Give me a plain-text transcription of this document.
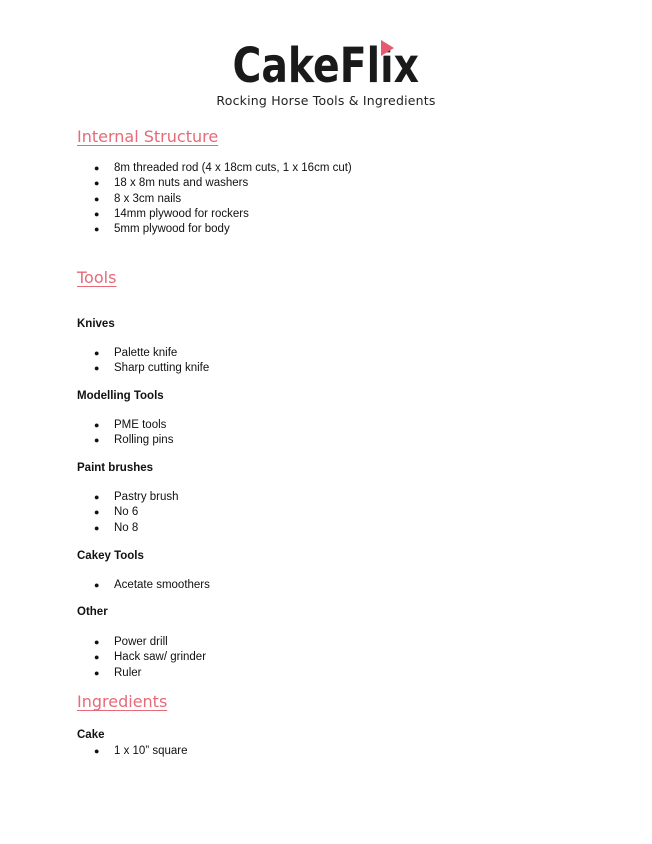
CakeFlix
Rocking Horse Tools & Ingredients
Internal Structure
● 8m threaded rod (4 x 18cm cuts, 1 x 16cm cut)
● 18 x 8m nuts and washers
● 8 x 3cm nails
● 14mm plywood for rockers
● 5mm plywood for body
Tools
Knives
● Palette knife
● Sharp cutting knife
Modelling Tools
● PME tools
● Rolling pins
Paint brushes
● Pastry brush
● No 6
● No 8
Cakey Tools
● Acetate smoothers
Other
● Power drill
● Hack saw/ grinder
● Ruler
Ingredients
Cake
● 1 x 10” square
